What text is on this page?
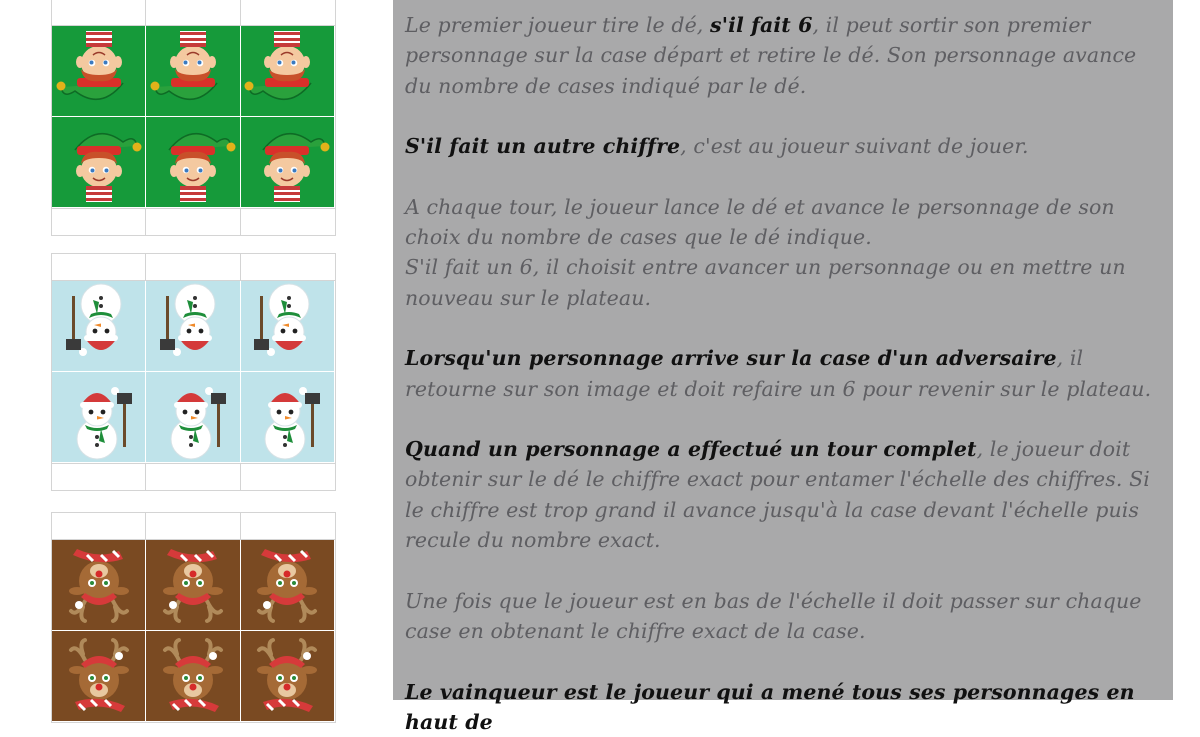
Le premier joueur tire le dé, s'il fait 6, il peut sortir son premier personnage sur la case départ et retire le dé. Son personnage avance du nombre de cases indiqué par le dé.

S'il fait un autre chiffre, c'est au joueur suivant de jouer.

A chaque tour, le joueur lance le dé et avance le personnage de son choix du nombre de cases que le dé indique.
S'il fait un 6, il choisit entre avancer un personnage ou en mettre un nouveau sur le plateau.

Lorsqu'un personnage arrive sur la case d'un adversaire, il retourne sur son image et doit refaire un 6 pour revenir sur le plateau.

Quand un personnage a effectué un tour complet, le joueur doit obtenir sur le dé le chiffre exact pour entamer l'échelle des chiffres. Si le chiffre est trop grand il avance jusqu'à la case devant l'échelle puis recule du nombre exact.

Une fois que le joueur est en bas de l'échelle il doit passer sur chaque case en obtenant le chiffre exact de la case.

Le vainqueur est le joueur qui a mené tous ses personnages en haut de
